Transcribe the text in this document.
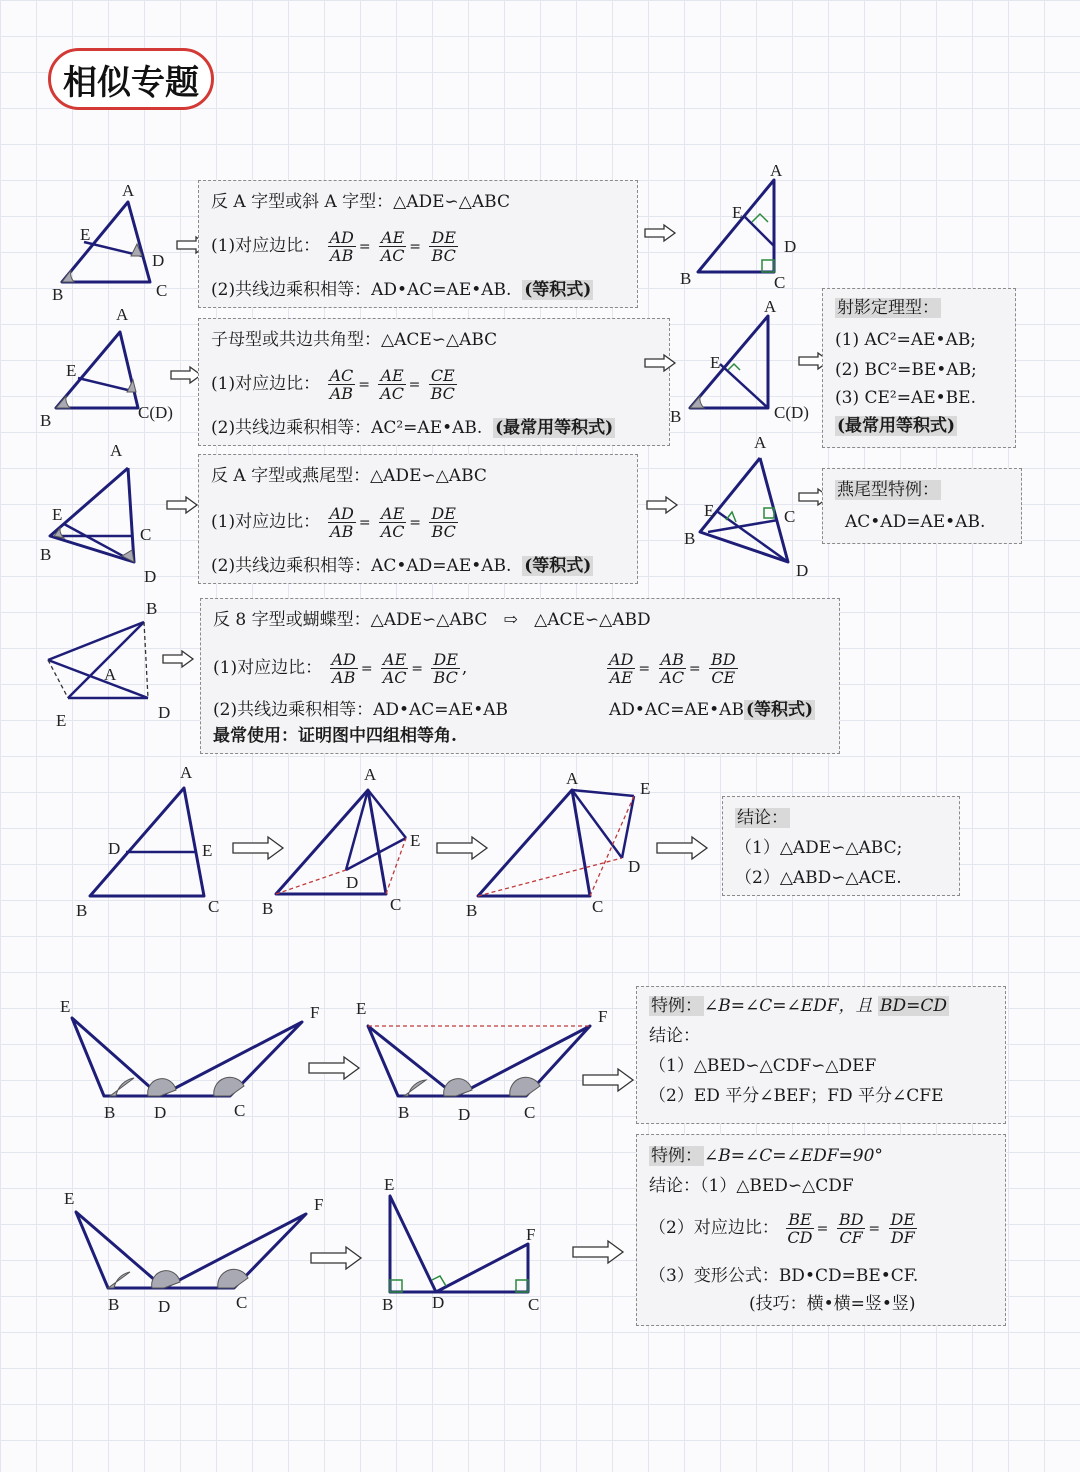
相似专题
A
E
D
B	C
反 A 字型或斜 A 字型：△ADE∽△ABC
(1)对应边比： $\frac{AD}{AB} = \frac{AE}{AC} = \frac{DE}{BC}$
(2)共线边乘积相等：AD•AC=AE•AB. (等积式)
A
E
D
B	C
A
E
B	C(D)
子母型或共边共角型：△ACE∽△ABC
(1)对应边比： $\frac{AC}{AB} = \frac{AE}{AC} = \frac{CE}{BC}$
(2)共线边乘积相等：AC²=AE•AB. (最常用等积式)
A
E
B	C(D)
射影定理型：
(1) AC²=AE•AB;
(2) BC²=BE•AB;
(3) CE²=AE•BE.
(最常用等积式)
A
E
C
B
D
反 A 字型或燕尾型：△ADE∽△ABC
(1)对应边比： $\frac{AD}{AB} = \frac{AE}{AC} = \frac{DE}{BC}$
(2)共线边乘积相等：AC•AD=AE•AB. (等积式)
A
E	C
B
D
燕尾型特例：
AC•AD=AE•AB.
B
A
E	D
反 8 字型或蝴蝶型：△ADE∽△ABC ⇨ △ACE∽△ABD
(1)对应边比： $\frac{AD}{AB} = \frac{AE}{AC} = \frac{DE}{BC}$ ,	$\frac{AD}{AE} = \frac{AB}{AC} = \frac{BD}{CE}$
(2)共线边乘积相等：AD•AC=AE•AB	AD•AC=AE•AB (等积式)
最常使用：证明图中四组相等角.
A
D	E
B	C
A
E
D
B	C
A
E
D
B	C
结论：
（1）△ADE∽△ABC;
（2）△ABD∽△ACE.
E	F
B D	C
E	F
B	D	C
特例： ∠B=∠C=∠EDF，且 BD=CD
结论：
（1）△BED∽△CDF∽△DEF
（2）ED 平分∠BEF；FD 平分∠CFE
E	F
B D	C
E
F
B D	C
特例： ∠B=∠C=∠EDF=90°
结论：（1）△BED∽△CDF
（2）对应边比： $\frac{BE}{CD} = \frac{BD}{CF} = \frac{DE}{DF}$
（3）变形公式：BD•CD=BE•CF.
(技巧：横•横=竖•竖)
